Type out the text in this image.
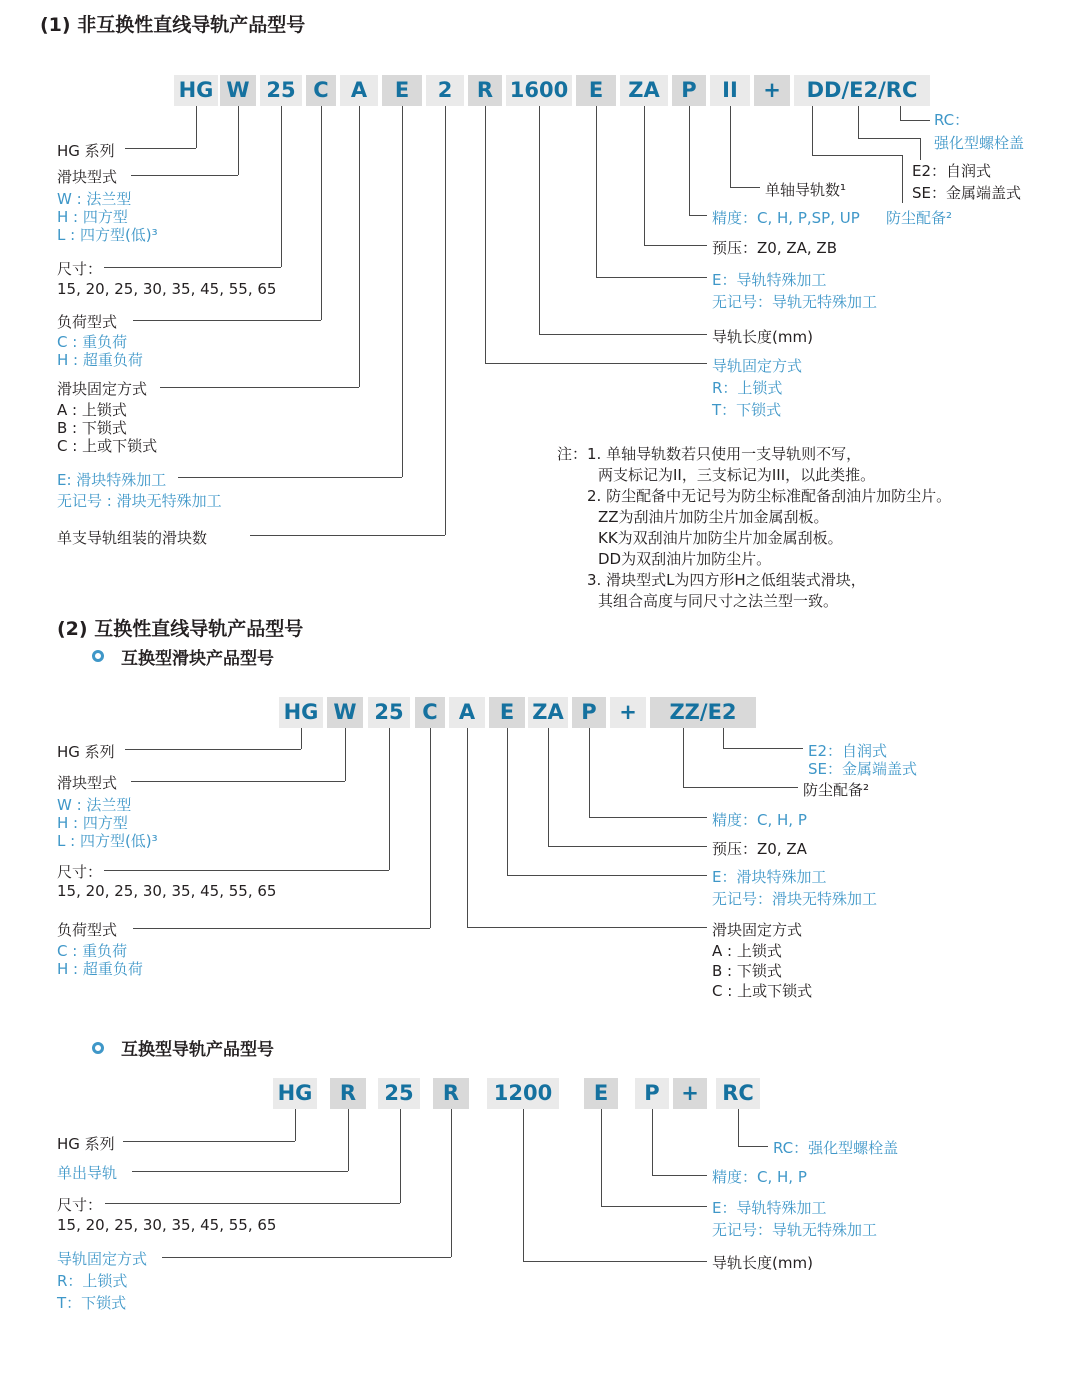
(1) 非互换性直线导轨产品型号
HG W 25 C	A	E	2	R 1600 E	ZA	P	II	+	DD/E2/RC
HG 系列
滑块型式
W : 法兰型
H : 四方型
L : 四方型(低)³
尺寸：
15, 20, 25, 30, 35, 45, 55, 65
负荷型式
C : 重负荷
H : 超重负荷
滑块固定方式
A : 上锁式
B : 下锁式
C : 上或下锁式
E: 滑块特殊加工
无记号 : 滑块无特殊加工
单支导轨组装的滑块数
RC：
强化型螺栓盖
E2：自润式
SE：金属端盖式
单轴导轨数¹
精度：C, H, P,SP, UP 防尘配备²
预压：Z0, ZA, ZB
E：导轨特殊加工
无记号：导轨无特殊加工
导轨长度(mm)
导轨固定方式
R：上锁式
T：下锁式
注：1. 单轴导轨数若只使用一支导轨则不写，
两支标记为II，三支标记为III，以此类推。
2. 防尘配备中无记号为防尘标准配备刮油片加防尘片。
ZZ为刮油片加防尘片加金属刮板。
KK为双刮油片加防尘片加金属刮板。
DD为双刮油片加防尘片。
3. 滑块型式L为四方形H之低组装式滑块，
其组合高度与同尺寸之法兰型一致。
(2) 互换性直线导轨产品型号
互换型滑块产品型号
HG W 25 C	A	E ZA P	+	ZZ/E2
HG 系列
滑块型式
W : 法兰型
H : 四方型
L : 四方型(低)³
尺寸：
15, 20, 25, 30, 35, 45, 55, 65
负荷型式
C : 重负荷
H : 超重负荷
E2：自润式
SE：金属端盖式
防尘配备²
精度：C, H, P
预压：Z0, ZA
E：滑块特殊加工
无记号：滑块无特殊加工
滑块固定方式
A : 上锁式
B : 下锁式
C : 上或下锁式
互换型导轨产品型号
HG	R	25	R	1200	E	P	+	RC
HG 系列
单出导轨
尺寸：
15, 20, 25, 30, 35, 45, 55, 65
导轨固定方式
R：上锁式
T：下锁式
RC：强化型螺栓盖
精度：C, H, P
E：导轨特殊加工
无记号：导轨无特殊加工
导轨长度(mm)
